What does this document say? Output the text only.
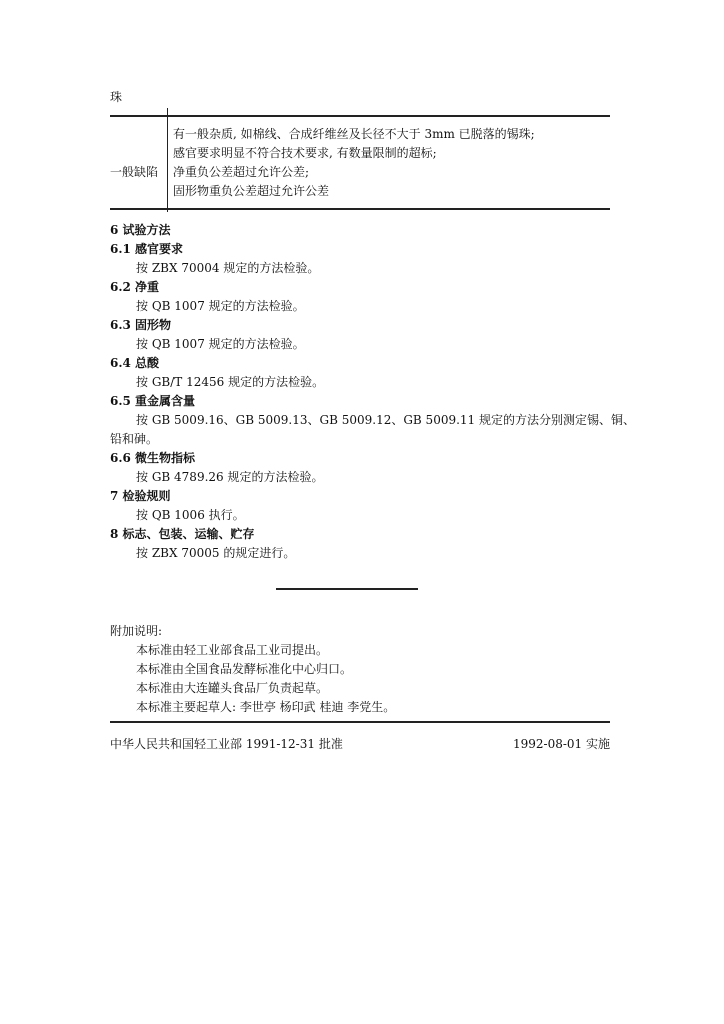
珠
一般缺陷
有一般杂质, 如棉线、合成纤维丝及长径不大于 3mm 已脱落的锡珠;
感官要求明显不符合技术要求, 有数量限制的超标;
净重负公差超过允许公差;
固形物重负公差超过允许公差
6 试验方法
6.1 感官要求
按 ZBX 70004 规定的方法检验。
6.2 净重
按 QB 1007 规定的方法检验。
6.3 固形物
按 QB 1007 规定的方法检验。
6.4 总酸
按 GB/T 12456 规定的方法检验。
6.5 重金属含量
按 GB 5009.16、GB 5009.13、GB 5009.12、GB 5009.11 规定的方法分别测定锡、铜、
铅和砷。
6.6 微生物指标
按 GB 4789.26 规定的方法检验。
7 检验规则
按 QB 1006 执行。
8 标志、包装、运输、贮存
按 ZBX 70005 的规定进行。
附加说明:
本标准由轻工业部食品工业司提出。
本标准由全国食品发酵标准化中心归口。
本标准由大连罐头食品厂负责起草。
本标准主要起草人: 李世亭 杨印武 桂迪 李党生。
中华人民共和国轻工业部 1991-12-31 批准	1992-08-01 实施
